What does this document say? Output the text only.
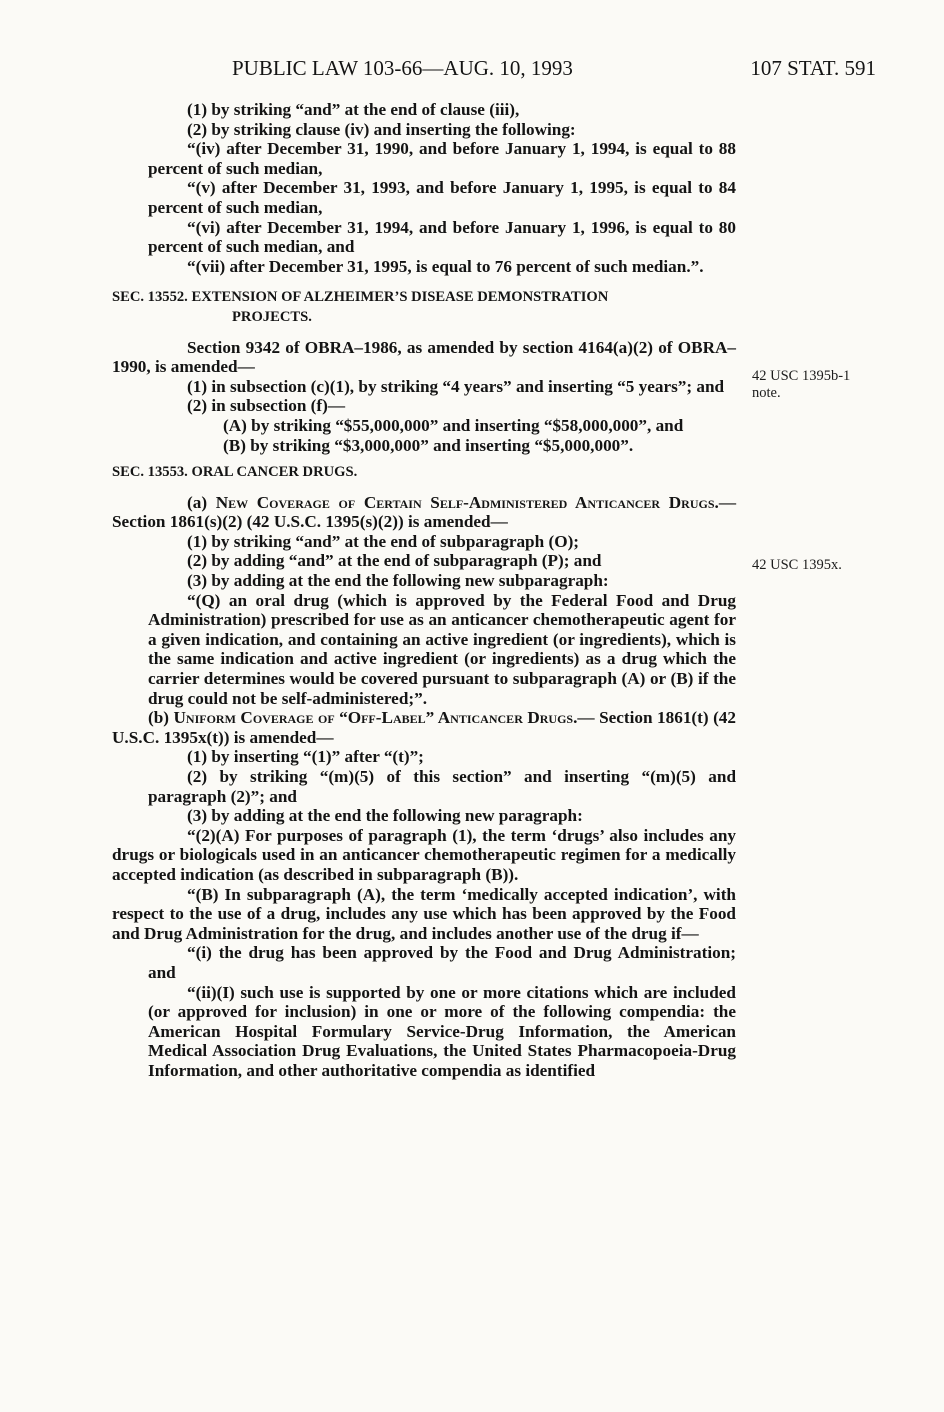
PUBLIC LAW 103-66—AUG. 10, 1993	107 STAT. 591
42 USC 1395b-1
note.
42 USC 1395x.

(1) by striking “and” at the end of clause (iii),

(2) by striking clause (iv) and inserting the following:

“(iv) after December 31, 1990, and before January 1, 1994, is equal to 88 percent of such median,

“(v) after December 31, 1993, and before January 1, 1995, is equal to 84 percent of such median,

“(vi) after December 31, 1994, and before January 1, 1996, is equal to 80 percent of such median, and

“(vii) after December 31, 1995, is equal to 76 percent of such median.”.

SEC. 13552. EXTENSION OF ALZHEIMER’S DISEASE DEMONSTRATION

PROJECTS.

Section 9342 of OBRA–1986, as amended by section 4164(a)(2) of OBRA–1990, is amended—

(1) in subsection (c)(1), by striking “4 years” and inserting “5 years”; and

(2) in subsection (f)—

(A) by striking “$55,000,000” and inserting “$58,000,000”, and

(B) by striking “$3,000,000” and inserting “$5,000,000”.

SEC. 13553. ORAL CANCER DRUGS.

(a) New Coverage of Certain Self-Administered Anticancer Drugs.—Section 1861(s)(2) (42 U.S.C. 1395(s)(2)) is amended—

(1) by striking “and” at the end of subparagraph (O);

(2) by adding “and” at the end of subparagraph (P); and

(3) by adding at the end the following new subparagraph:

“(Q) an oral drug (which is approved by the Federal Food and Drug Administration) prescribed for use as an anticancer chemotherapeutic agent for a given indication, and containing an active ingredient (or ingredients), which is the same indication and active ingredient (or ingredients) as a drug which the carrier determines would be covered pursuant to subparagraph (A) or (B) if the drug could not be self-administered;”.

(b) Uniform Coverage of “Off-Label” Anticancer Drugs.— Section 1861(t) (42 U.S.C. 1395x(t)) is amended—

(1) by inserting “(1)” after “(t)”;

(2) by striking “(m)(5) of this section” and inserting “(m)(5) and paragraph (2)”; and

(3) by adding at the end the following new paragraph:

“(2)(A) For purposes of paragraph (1), the term ‘drugs’ also includes any drugs or biologicals used in an anticancer chemotherapeutic regimen for a medically accepted indication (as described in subparagraph (B)).

“(B) In subparagraph (A), the term ‘medically accepted indication’, with respect to the use of a drug, includes any use which has been approved by the Food and Drug Administration for the drug, and includes another use of the drug if—

“(i) the drug has been approved by the Food and Drug Administration; and

“(ii)(I) such use is supported by one or more citations which are included (or approved for inclusion) in one or more of the following compendia: the American Hospital Formulary Service-Drug Information, the American Medical Association Drug Evaluations, the United States Pharmacopoeia-Drug Information, and other authoritative compendia as identified
